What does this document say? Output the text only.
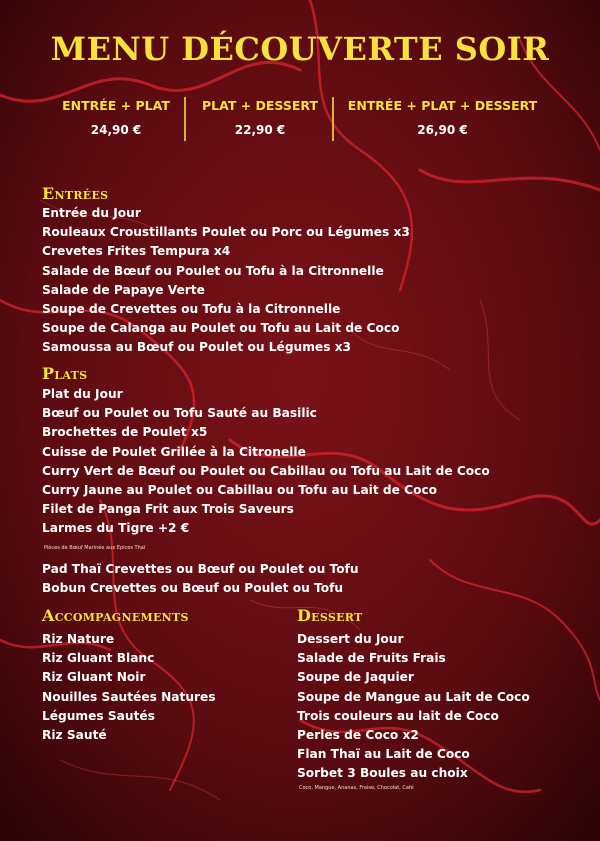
MENU DÉCOUVERTE SOIR
ENTRÉE + PLAT
24,90 €
PLAT + DESSERT
22,90 €
ENTRÉE + PLAT + DESSERT
26,90 €
Entrées
Entrée du Jour
Rouleaux Croustillants Poulet ou Porc ou Légumes x3
Crevetes Frites Tempura x4
Salade de Bœuf ou Poulet ou Tofu à la Citronnelle
Salade de Papaye Verte
Soupe de Crevettes ou Tofu à la Citronnelle
Soupe de Calanga au Poulet ou Tofu au Lait de Coco
Samoussa au Bœuf ou Poulet ou Légumes x3
Plats
Plat du Jour
Bœuf ou Poulet ou Tofu Sauté au Basilic
Brochettes de Poulet x5
Cuisse de Poulet Grillée à la Citronelle
Curry Vert de Bœuf ou Poulet ou Cabillau ou Tofu au Lait de Coco
Curry Jaune au Poulet ou Cabillau ou Tofu au Lait de Coco
Filet de Panga Frit aux Trois Saveurs
Larmes du Tigre +2 €
Pièces de Bœuf Marinée aux Epices Thaï
Pad Thaï Crevettes ou Bœuf ou Poulet ou Tofu
Bobun Crevettes ou Bœuf ou Poulet ou Tofu
Accompagnements
Riz Nature
Riz Gluant Blanc
Riz Gluant Noir
Nouilles Sautées Natures
Légumes Sautés
Riz Sauté
Dessert
Dessert du Jour
Salade de Fruits Frais
Soupe de Jaquier
Soupe de Mangue au Lait de Coco
Trois couleurs au lait de Coco
Perles de Coco x2
Flan Thaï au Lait de Coco
Sorbet 3 Boules au choix
Coco, Mangue, Ananas, Fraise, Chocolat, Café
